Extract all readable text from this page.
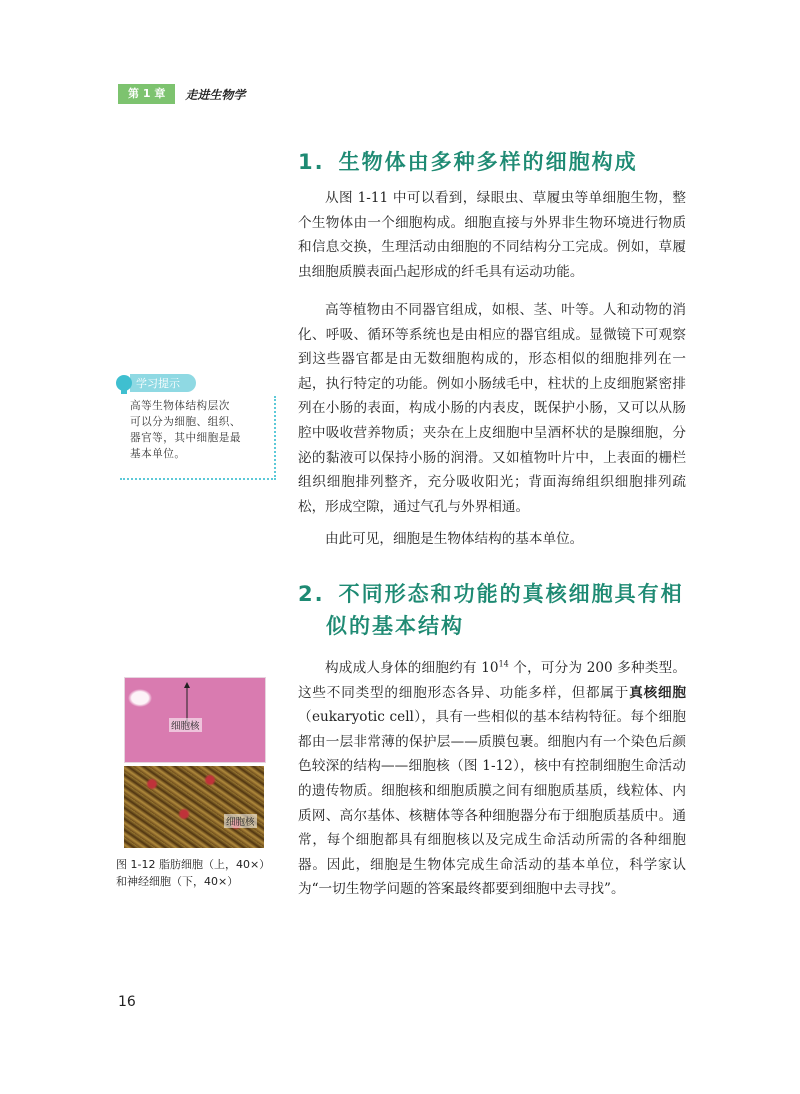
第 1 章	走进生物学
1. 生物体由多种多样的细胞构成

从图 1-11 中可以看到，绿眼虫、草履虫等单细胞生物，整个生物体由一个细胞构成。细胞直接与外界非生物环境进行物质和信息交换，生理活动由细胞的不同结构分工完成。例如，草履虫细胞质膜表面凸起形成的纤毛具有运动功能。

高等植物由不同器官组成，如根、茎、叶等。人和动物的消化、呼吸、循环等系统也是由相应的器官组成。显微镜下可观察到这些器官都是由无数细胞构成的，形态相似的细胞排列在一起，执行特定的功能。例如小肠绒毛中，柱状的上皮细胞紧密排列在小肠的表面，构成小肠的内表皮，既保护小肠，又可以从肠腔中吸收营养物质；夹杂在上皮细胞中呈酒杯状的是腺细胞，分泌的黏液可以保持小肠的润滑。又如植物叶片中，上表面的栅栏组织细胞排列整齐，充分吸收阳光；背面海绵组织细胞排列疏松，形成空隙，通过气孔与外界相通。

由此可见，细胞是生物体结构的基本单位。

学习提示
高等生物体结构层次
可以分为细胞、组织、
器官等，其中细胞是最
基本单位。
2. 不同形态和功能的真核细胞具有相
似的基本结构

构成成人身体的细胞约有 $10^{14}$ 个，可分为 200 多种类型。这些不同类型的细胞形态各异、功能多样，但都属于真核细胞（eukaryotic cell），具有一些相似的基本结构特征。每个细胞都由一层非常薄的保护层——质膜包裹。细胞内有一个染色后颜色较深的结构——细胞核（图 1-12），核中有控制细胞生命活动的遗传物质。细胞核和细胞质膜之间有细胞质基质，线粒体、内质网、高尔基体、核糖体等各种细胞器分布于细胞质基质中。通常，每个细胞都具有细胞核以及完成生命活动所需的各种细胞器。因此，细胞是生物体完成生命活动的基本单位，科学家认为“一切生物学问题的答案最终都要到细胞中去寻找”。

细胞核
细胞核
图 1-12 脂肪细胞（上，40×）和神经细胞（下，40×）
16
